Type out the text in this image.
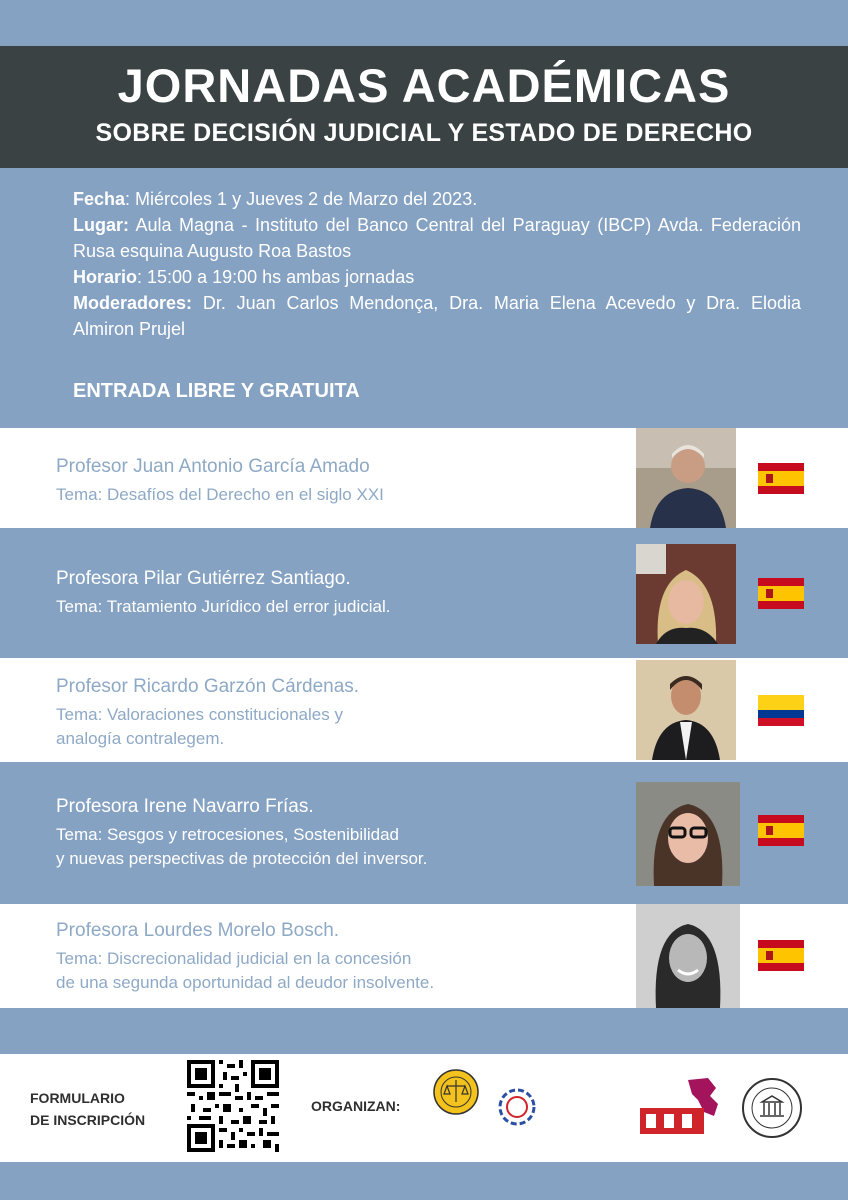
JORNADAS ACADÉMICAS
SOBRE DECISIÓN JUDICIAL Y ESTADO DE DERECHO
Fecha: Miércoles 1 y Jueves 2 de Marzo del 2023.
Lugar: Aula Magna - Instituto del Banco Central del Paraguay (IBCP) Avda. Federación Rusa esquina Augusto Roa Bastos
Horario: 15:00 a 19:00 hs ambas jornadas
Moderadores: Dr. Juan Carlos Mendonça, Dra. Maria Elena Acevedo y Dra. Elodia Almiron Prujel
ENTRADA LIBRE Y GRATUITA
Profesor Juan Antonio García Amado
Tema: Desafíos del Derecho en el siglo XXI
Profesora Pilar Gutiérrez Santiago.
Tema: Tratamiento Jurídico del error judicial.
Profesor Ricardo Garzón Cárdenas.
Tema: Valoraciones constitucionales y
analogía contralegem.
Profesora Irene Navarro Frías.
Tema: Sesgos y retrocesiones, Sostenibilidad
y nuevas perspectivas de protección del inversor.
Profesora Lourdes Morelo Bosch.
Tema: Discrecionalidad judicial en la concesión
de una segunda oportunidad al deudor insolvente.
FORMULARIO
DE INSCRIPCIÓN
ORGANIZAN:
